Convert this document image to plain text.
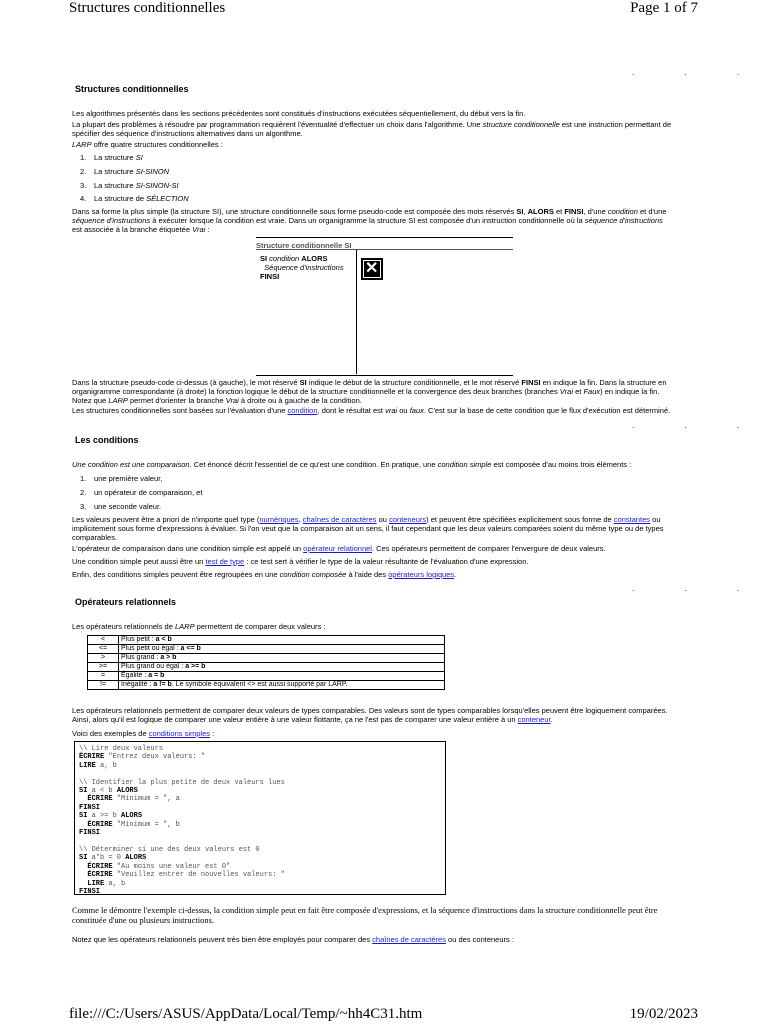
Structures conditionnelles	Page 1 of 7
. . .
. . .
. . .
Structures conditionnelles
Les algorithmes présentés dans les sections précédentes sont constitués d'instructions exécutées séquentiellement, du début vers la fin.
La plupart des problèmes à résoudre par programmation requièrent l'éventualité d'effectuer un choix dans l'algorithme. Une structure conditionnelle est une instruction permettant de
spécifier des séquence d'instructions alternatives dans un algorithme.
LARP offre quatre structures conditionnelles :
1. La structure SI
2. La structure SI-SINON
3. La structure SI-SINON-SI
4. La structure de SÉLECTION
Dans sa forme la plus simple (la structure SI), une structure conditionnelle sous forme pseudo-code est composée des mots réservés SI, ALORS et FINSI, d'une condition et d'une
séquence d'instructions à exécuter lorsque la condition est vraie. Dans un organigramme la structure SI est composée d'un instruction conditionnelle où la séquence d'instructions
est associée à la branche étiquetée Vrai :
Structure conditionnelle SI
SI condition ALORS
Séquence d'instructions
FINSI	✕
Dans la structure pseudo-code ci-dessus (à gauche), le mot réservé SI indique le début de la structure conditionnelle, et le mot réservé FINSI en indique la fin. Dans la structure en
organigramme correspondante (à droite) la fonction logique le début de la structure conditionnelle et la convergence des deux branches (branches Vrai et Faux) en indique la fin.
Notez que LARP permet d'orienter la branche Vrai à droite ou à gauche de la condition.
Les structures conditionnelles sont basées sur l'évaluation d'une condition, dont le résultat est vrai ou faux. C'est sur la base de cette condition que le flux d'exécution est déterminé.
Les conditions
Une condition est une comparaison. Cet énoncé décrit l'essentiel de ce qu'est une condition. En pratique, une condition simple est composée d'au moins trois éléments :
1. une première valeur,
2. un opérateur de comparaison, et
3. une seconde valeur.
Les valeurs peuvent être a priori de n'importe quel type (numériques, chaînes de caractères ou conteneurs) et peuvent être spécifiées explicitement sous forme de constantes ou
implicitement sous forme d'expressions à évaluer. Si l'on veut que la comparaison ait un sens, il faut cependant que les deux valeurs comparées soient du même type ou de types
comparables.
L'opérateur de comparaison dans une condition simple est appelé un opérateur relationnel. Ces opérateurs permettent de comparer l'envergure de deux valeurs.
Une condition simple peut aussi être un test de type : ce test sert à vérifier le type de la valeur résultante de l'évaluation d'une expression.
Enfin, des conditions simples peuvent être regroupées en une condition composée à l'aide des opérateurs logiques.
Opérateurs relationnels
Les opérateurs relationnels de LARP permettent de comparer deux valeurs :
<	Plus petit : a < b
<=	Plus petit ou égal : a <= b
>	Plus grand : a > b
>=	Plus grand ou égal : a >= b
=	Égalité : a = b
!=	Inégalité : a != b. Le symbole équivalent <> est aussi supporté par LARP.
Les opérateurs relationnels permettent de comparer deux valeurs de types comparables. Des valeurs sont de types comparables lorsqu'elles peuvent être logiquement comparées.
Ainsi, alors qu'il est logique de comparer une valeur entière à une valeur flottante, ça ne l'est pas de comparer une valeur entière à un conteneur.
Voici des exemples de conditions simples :
\\ Lire deux valeurs
ÉCRIRE "Entrez deux valeurs: "
LIRE a, b

\\ Identifier la plus petite de deux valeurs lues
SI a < b ALORS
ÉCRIRE "Minimum = ", a
FINSI
SI a >= b ALORS
ÉCRIRE "Minimum = ", b
FINSI

\\ Déterminer si une des deux valeurs est 0
SI a*b = 0 ALORS
ÉCRIRE "Au moins une valeur est 0"
ÉCRIRE "Veuillez entrer de nouvelles valeurs: "
LIRE a, b
FINSI
Comme le démontre l'exemple ci-dessus, la condition simple peut en fait être composée d'expressions, et la séquence d'instructions dans la structure conditionnelle peut être constituée d'une ou plusieurs instructions.
Notez que les opérateurs relationnels peuvent très bien être employés pour comparer des chaînes de caractères ou des conteneurs :
file:///C:/Users/ASUS/AppData/Local/Temp/~hh4C31.htm	19/02/2023
